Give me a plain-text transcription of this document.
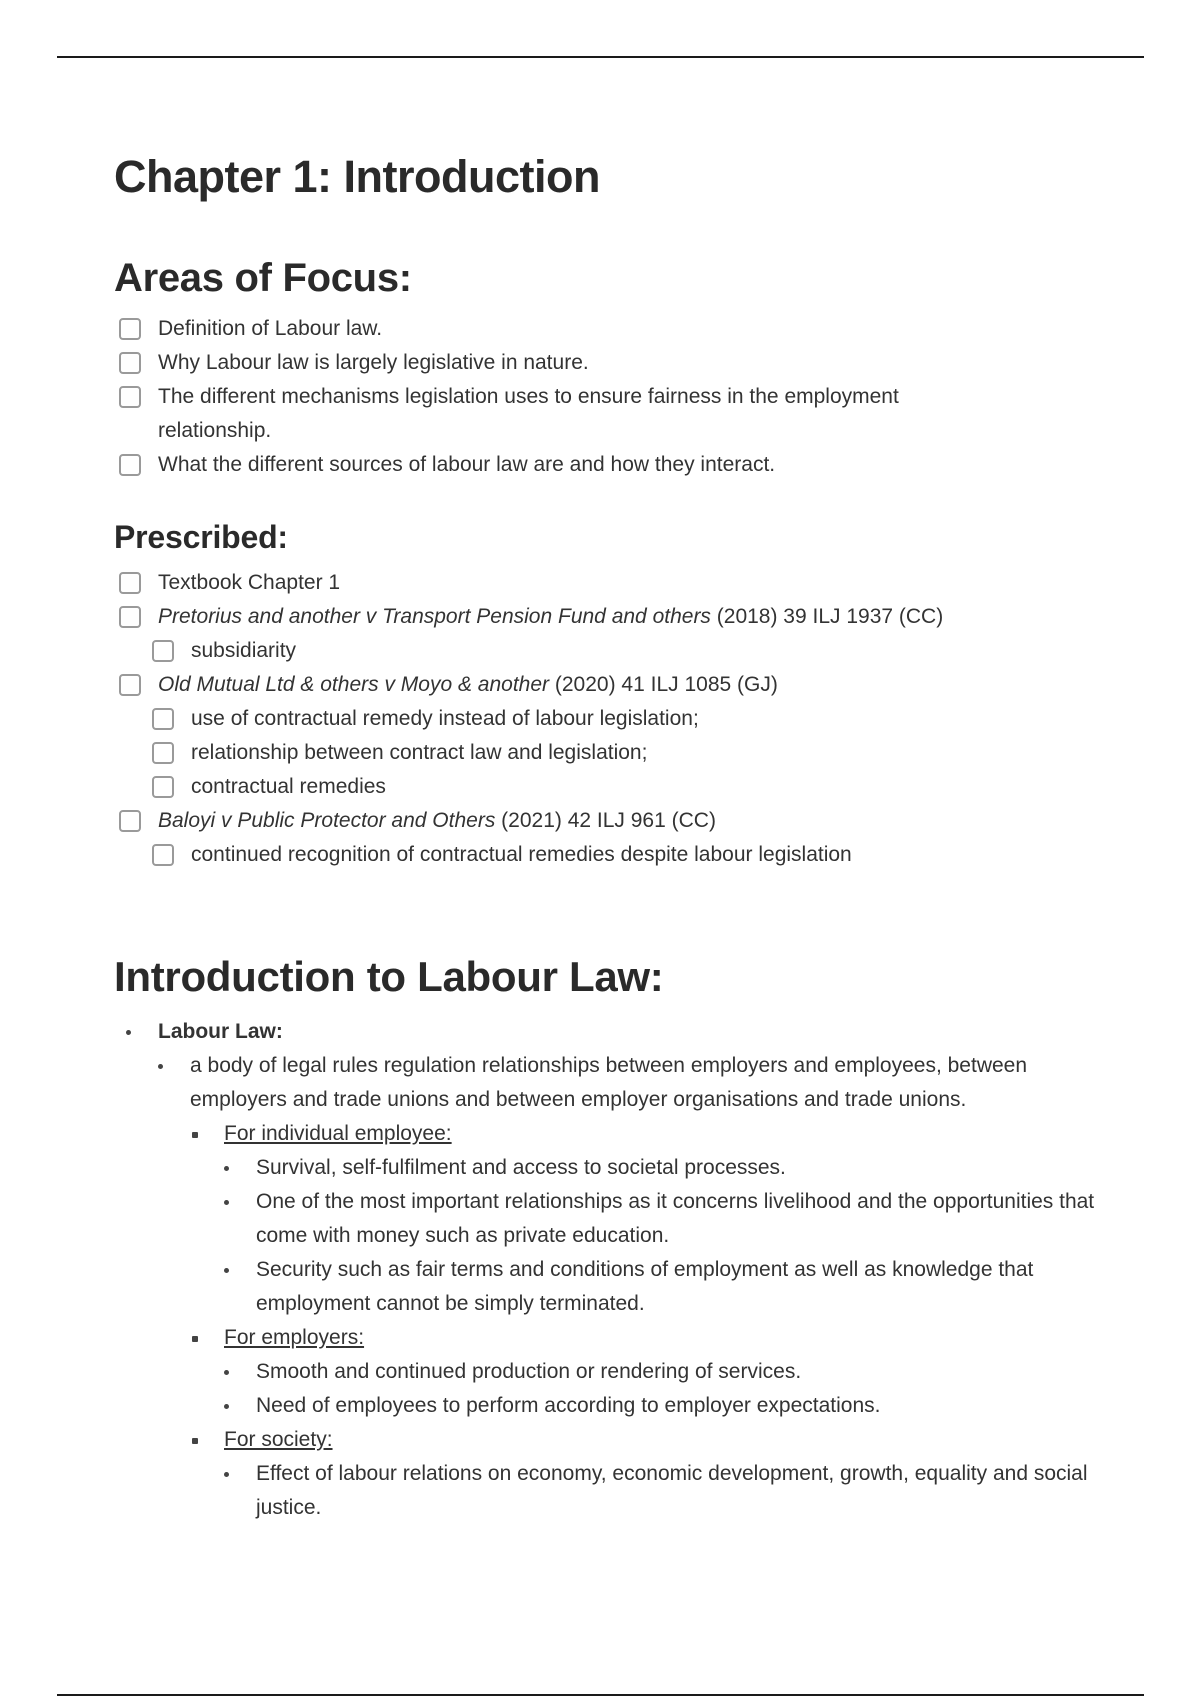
Chapter 1: Introduction
Areas of Focus:
Definition of Labour law.
Why Labour law is largely legislative in nature.
The different mechanisms legislation uses to ensure fairness in the employment relationship.
What the different sources of labour law are and how they interact.
Prescribed:
Textbook Chapter 1
Pretorius and another v Transport Pension Fund and others (2018) 39 ILJ 1937 (CC)
subsidiarity
Old Mutual Ltd & others v Moyo & another (2020) 41 ILJ 1085 (GJ)
use of contractual remedy instead of labour legislation;
relationship between contract law and legislation;
contractual remedies
Baloyi v Public Protector and Others (2021) 42 ILJ 961 (CC)
continued recognition of contractual remedies despite labour legislation
Introduction to Labour Law:
Labour Law:
a body of legal rules regulation relationships between employers and employees, between employers and trade unions and between employer organisations and trade unions.
For individual employee:
Survival, self-fulfilment and access to societal processes.
One of the most important relationships as it concerns livelihood and the opportunities that come with money such as private education.
Security such as fair terms and conditions of employment as well as knowledge that employment cannot be simply terminated.
For employers:
Smooth and continued production or rendering of services.
Need of employees to perform according to employer expectations.
For society:
Effect of labour relations on economy, economic development, growth, equality and social justice.
